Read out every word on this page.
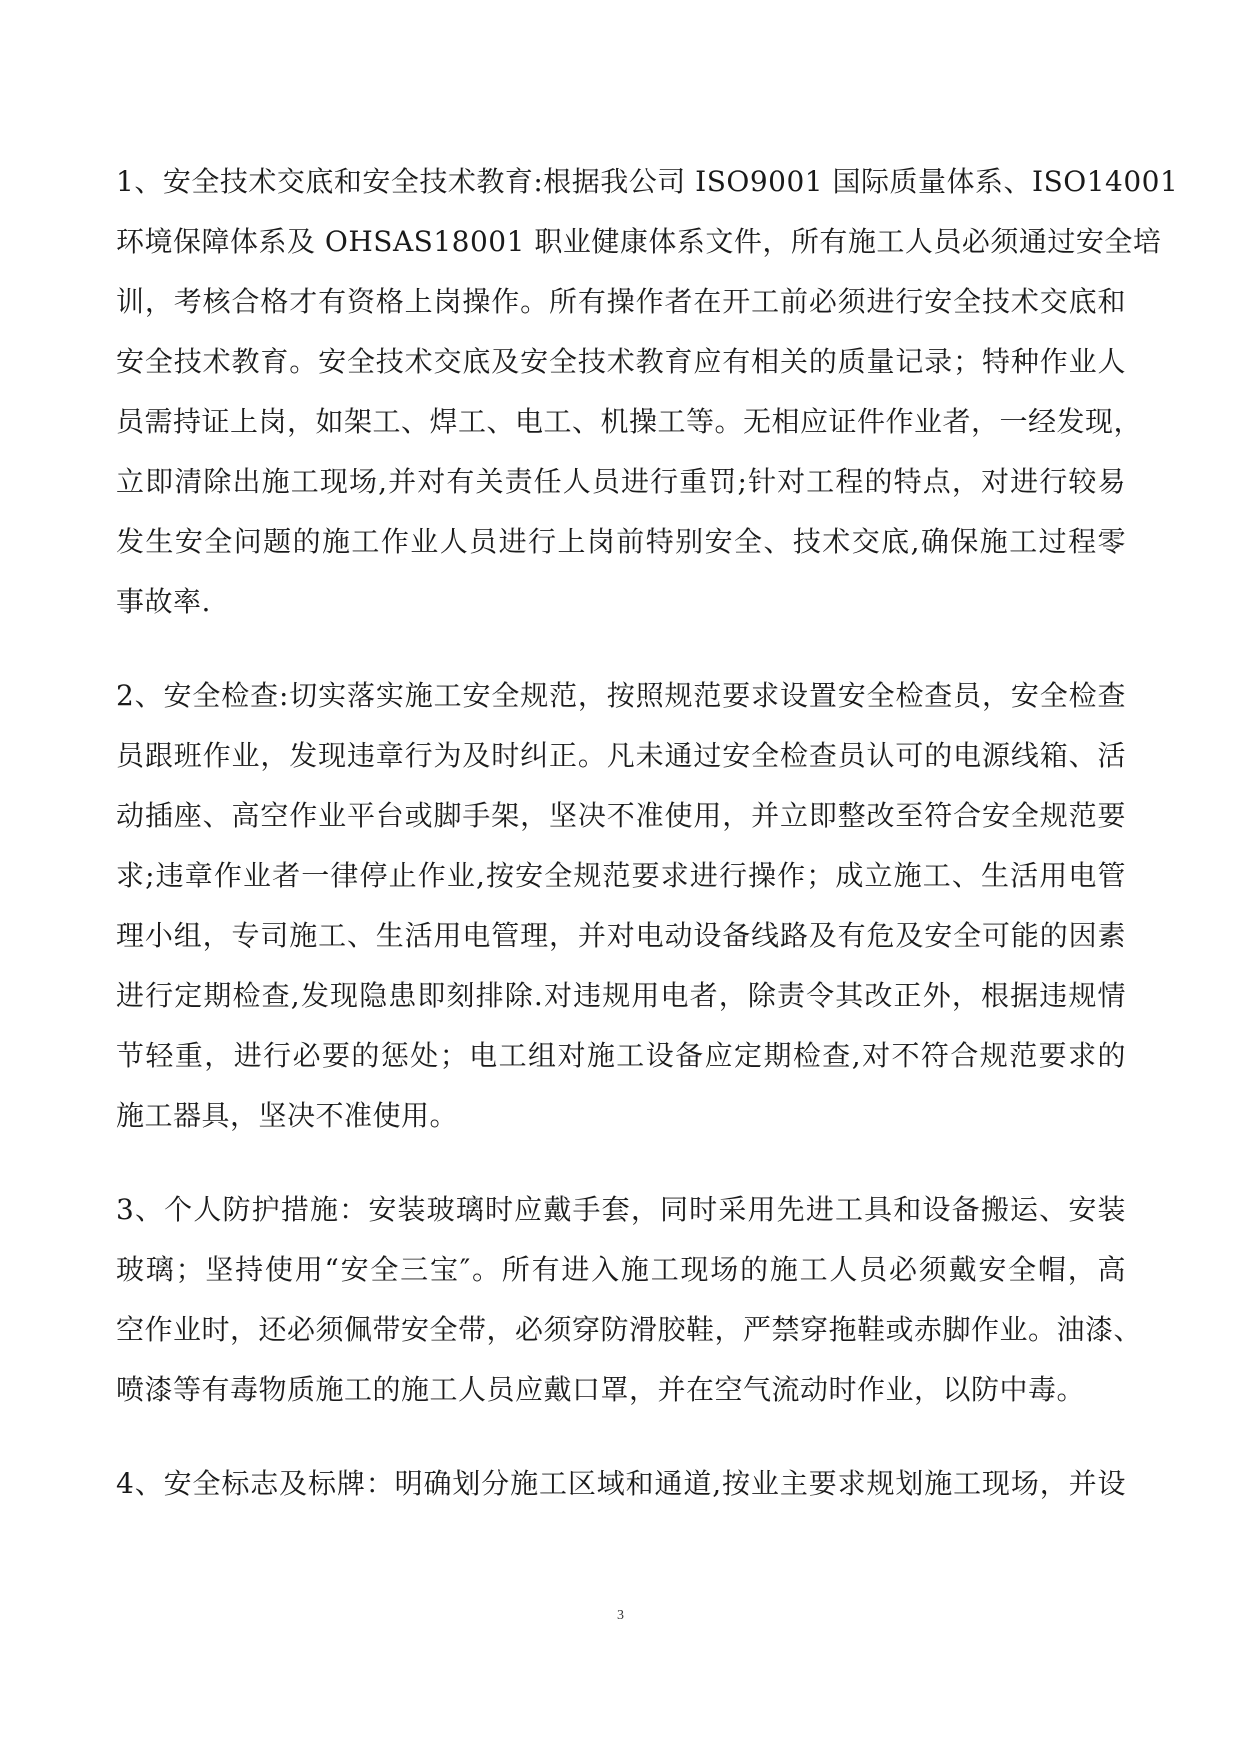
1、安全技术交底和安全技术教育:根据我公司 ISO9001 国际质量体系、ISO14001
环境保障体系及 OHSAS18001 职业健康体系文件，所有施工人员必须通过安全培
训，考核合格才有资格上岗操作。所有操作者在开工前必须进行安全技术交底和
安全技术教育。安全技术交底及安全技术教育应有相关的质量记录；特种作业人
员需持证上岗，如架工、焊工、电工、机操工等。无相应证件作业者，一经发现，
立即清除出施工现场,并对有关责任人员进行重罚;针对工程的特点，对进行较易
发生安全问题的施工作业人员进行上岗前特别安全、技术交底,确保施工过程零
事故率.

2、安全检查:切实落实施工安全规范，按照规范要求设置安全检查员，安全检查
员跟班作业，发现违章行为及时纠正。凡未通过安全检查员认可的电源线箱、活
动插座、高空作业平台或脚手架，坚决不准使用，并立即整改至符合安全规范要
求;违章作业者一律停止作业,按安全规范要求进行操作；成立施工、生活用电管
理小组，专司施工、生活用电管理，并对电动设备线路及有危及安全可能的因素
进行定期检查,发现隐患即刻排除.对违规用电者，除责令其改正外，根据违规情
节轻重，进行必要的惩处；电工组对施工设备应定期检查,对不符合规范要求的
施工器具，坚决不准使用。

3、个人防护措施：安装玻璃时应戴手套，同时采用先进工具和设备搬运、安装
玻璃；坚持使用“安全三宝″。所有进入施工现场的施工人员必须戴安全帽，高
空作业时，还必须佩带安全带，必须穿防滑胶鞋，严禁穿拖鞋或赤脚作业。油漆、
喷漆等有毒物质施工的施工人员应戴口罩，并在空气流动时作业，以防中毒。

4、安全标志及标牌：明确划分施工区域和通道,按业主要求规划施工现场，并设

3
